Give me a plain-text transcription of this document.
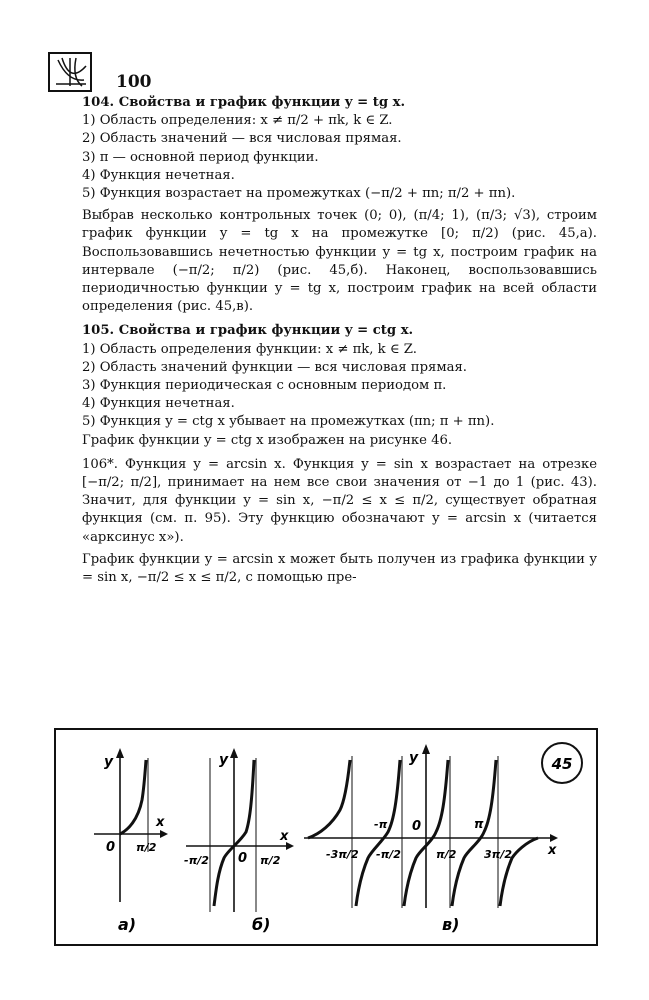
100

104. Свойства и график функции y = tg x.

1) Область определения: x ≠ π/2 + πk, k ∈ Z.

2) Область значений — вся числовая прямая.

3) π — основной период функции.

4) Функция нечетная.

5) Функция возрастает на промежутках (−π/2 + πn; π/2 + πn).

Выбрав несколько контрольных точек (0; 0), (π/4; 1), (π/3; √3), строим график функции y = tg x на промежутке [0; π/2) (рис. 45,а). Воспользовавшись нечетностью функции y = tg x, построим график на интервале (−π/2; π/2) (рис. 45,б). Наконец, воспользовавшись периодичностью функции y = tg x, построим график на всей области определения (рис. 45,в).

105. Свойства и график функции y = ctg x.

1) Область определения функции: x ≠ πk, k ∈ Z.

2) Область значений функции — вся числовая прямая.

3) Функция периодическая с основным периодом π.

4) Функция нечетная.

5) Функция y = ctg x убывает на промежутках (πn; π + πn).

График функции y = ctg x изображен на рисунке 46.

106*. Функция y = arcsin x. Функция y = sin x возрастает на отрезке [−π/2; π/2], принимает на нем все свои значения от −1 до 1 (рис. 43). Значит, для функции y = sin x, −π/2 ≤ x ≤ π/2, существует обратная функция (см. п. 95). Эту функцию обозначают y = arcsin x (читается «арксинус x»).

График функции y = arcsin x может быть получен из графика функции y = sin x, −π/2 ≤ x ≤ π/2, с помощью пре-

45
y
x
0 π/2
а)
y
x
0
-π/2	π/2
б)
y
x
0
-3π/2
-π
-π/2	π/2
π
3π/2
в)
